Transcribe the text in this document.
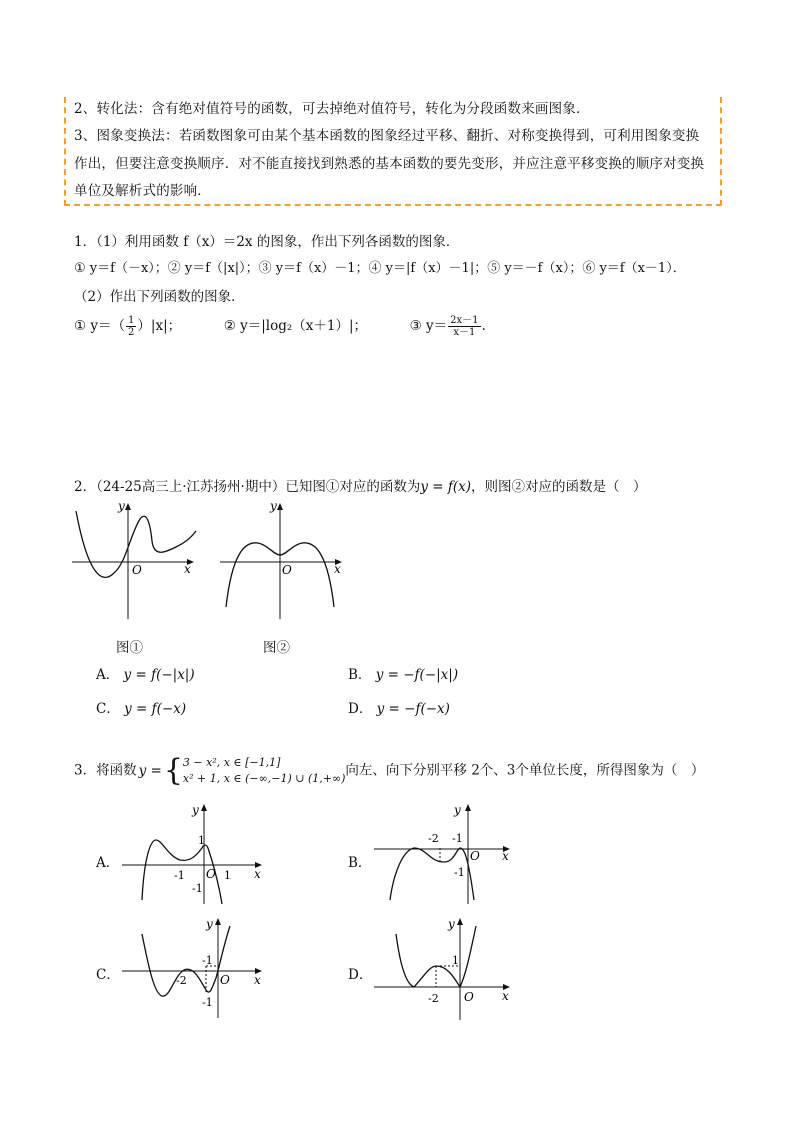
2、转化法：含有绝对值符号的函数，可去掉绝对值符号，转化为分段函数来画图象．
3、图象变换法：若函数图象可由某个基本函数的图象经过平移、翻折、对称变换得到，可利用图象变换
作出，但要注意变换顺序．对不能直接找到熟悉的基本函数的要先变形，并应注意平移变换的顺序对变换
单位及解析式的影响．
1．（1）利用函数 f（x）＝2x 的图象，作出下列各函数的图象．
① y＝f（－x）；② y＝f（|x|）；③ y＝f（x）－1；④ y＝|f（x）－1|；⑤ y＝－f（x）；⑥ y＝f（x－1）．
（2）作出下列函数的图象．
① $y=( \frac{1}{2} )|x|$；	② y＝|log₂（x＋1）|；	③ $y= \frac{2x-1}{x-1}$ .
2．（24-25高三上·江苏扬州·期中）已知图①对应的函数为y = f(x)，则图②对应的函数是（　）
y
x
O
y
x
O
图①	图②
A． y = f(−|x|)	B． y = −f(−|x|)
C． y = f(−x)	D． y = −f(−x)
3．将函数 y ={ 3 − x², x ∈ [−1,1]
x² + 1, x ∈ (−∞,−1) ∪ (1,+∞) 向左、向下分别平移 2个、3个单位长度，所得图象为（　）
A．
y
x
O
1
-1	1
-1
B．
y
x
O
-2 -1
-1
C．
y
x
O
-2
-1
-1
D．
y
x
O
1
-2
